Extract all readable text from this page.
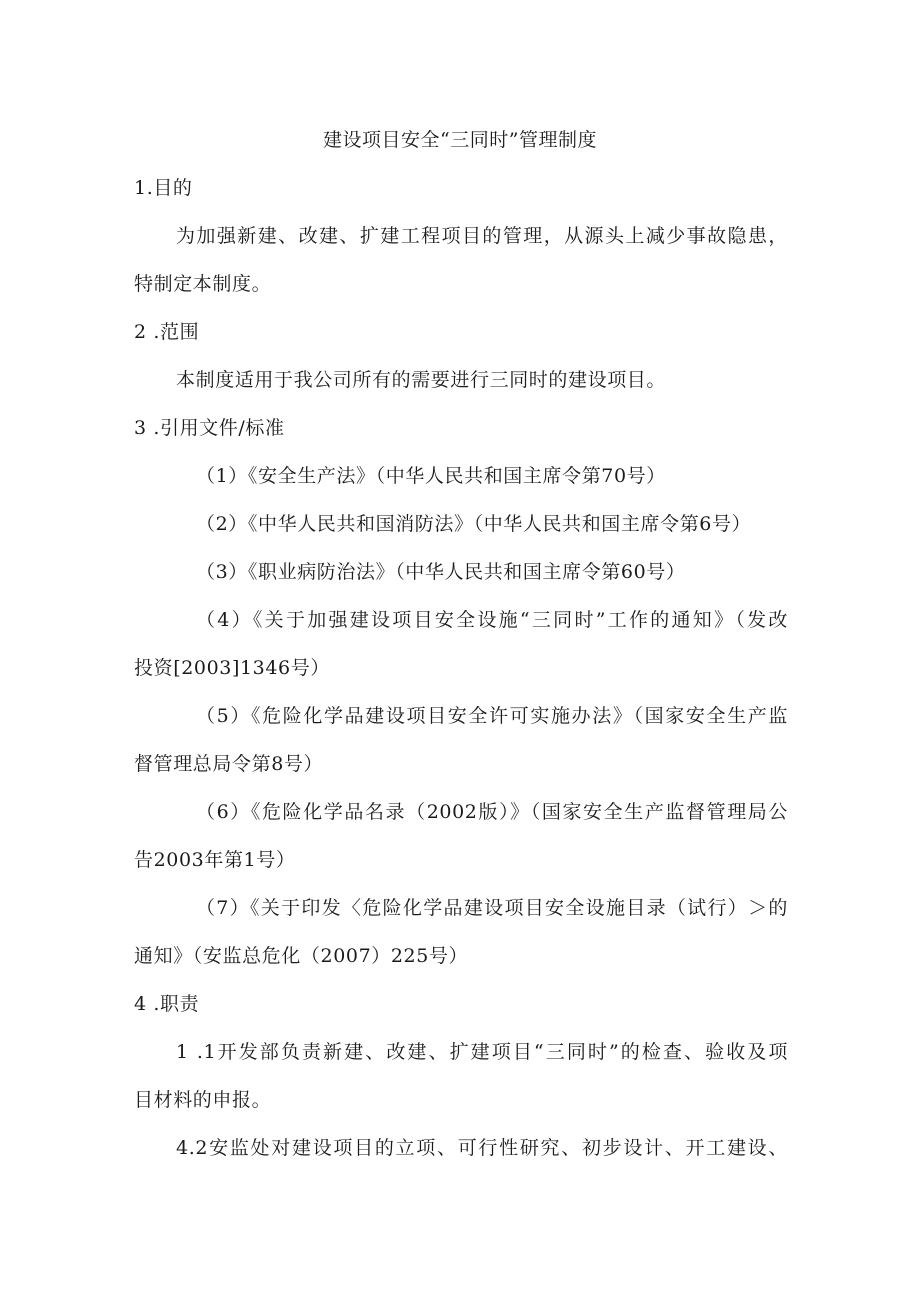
建设项目安全“三同时”管理制度
1.目的
为加强新建、改建、扩建工程项目的管理，从源头上减少事故隐患，
特制定本制度。
2 .范围
本制度适用于我公司所有的需要进行三同时的建设项目。
3 .引用文件/标准
（1）《安全生产法》（中华人民共和国主席令第70号）
（2）《中华人民共和国消防法》（中华人民共和国主席令第6号）
（3）《职业病防治法》（中华人民共和国主席令第60号）
（4）《关于加强建设项目安全设施“三同时”工作的通知》（发改
投资[2003]1346号）
（5）《危险化学品建设项目安全许可实施办法》（国家安全生产监
督管理总局令第8号）
（6）《危险化学品名录（2002版）》（国家安全生产监督管理局公
告2003年第1号）
（7）《关于印发〈危险化学品建设项目安全设施目录（试行）＞的
通知》（安监总危化（2007）225号）
4 .职责
1 .1开发部负责新建、改建、扩建项目“三同时”的检查、验收及项
目材料的申报。
4.2安监处对建设项目的立项、可行性研究、初步设计、开工建设、
